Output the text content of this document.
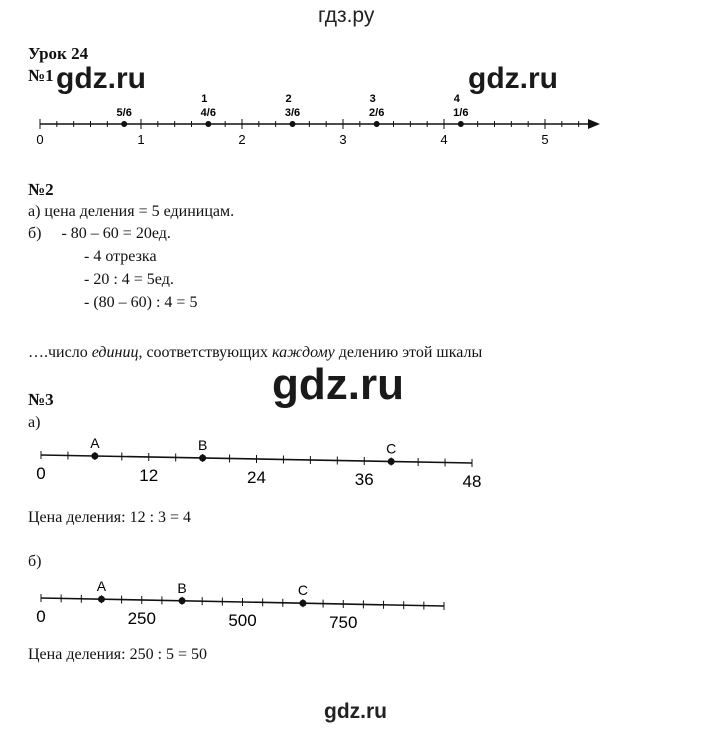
гдз.ру
Урок 24
№1 gdz.ru	gdz.ru
0	1	2	3	4	5
5/6	4/6
1
3/6
2
2/6
3
1/6
4
№2
а) цена деления = 5 единицам.
б)     - 80 – 60 = 20ед.
- 4 отрезка
- 20 : 4 = 5ед.
- (80 – 60) : 4 = 5
….число единиц, соответствующих каждому делению этой шкалы
gdz.ru
№3
а)
0	12	24	36	48
A	B	C
Цена деления: 12 : 3 = 4
б)
0	250	500	750
A	B	C
Цена деления: 250 : 5 = 50
gdz.ru
